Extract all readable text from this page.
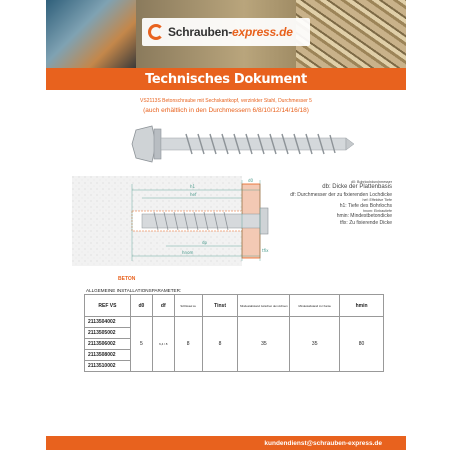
Schrauben-express.de
Technisches Dokument
VS2113S Betonschraube mit Sechskantkopf, verzinkter Stahl, Durchmesser 5
(auch erhältlich in den Durchmessern 6/8/10/12/14/16/18)
h1
hef
dp
hnom
d0
tfix
BETON
d0: Bohrlochdurchmesser
db: Dicke der Plattenbasis
df: Durchmesser der zu fixierenden Lochdicke
hef: Effektive Tiefe
h1: Tiefe des Bohrlochs
hnom: Einbautiefe
hmin: Mindestbetondicke
tfix: Zu fixierende Dicke
ALLGEMEINE INSTALLATIONSPARAMETER:
REF VS	d0	df	Schlüssel su	Tinst	Mindestabstand zwischen den Achsen	Mindestabstand zur Kante	hmin
2113504002	5	6,4 / 8	8	8	35	35	80
2113505002							
2113506002							
2113508002							
2113510002							
kundendienst@schrauben-express.de
